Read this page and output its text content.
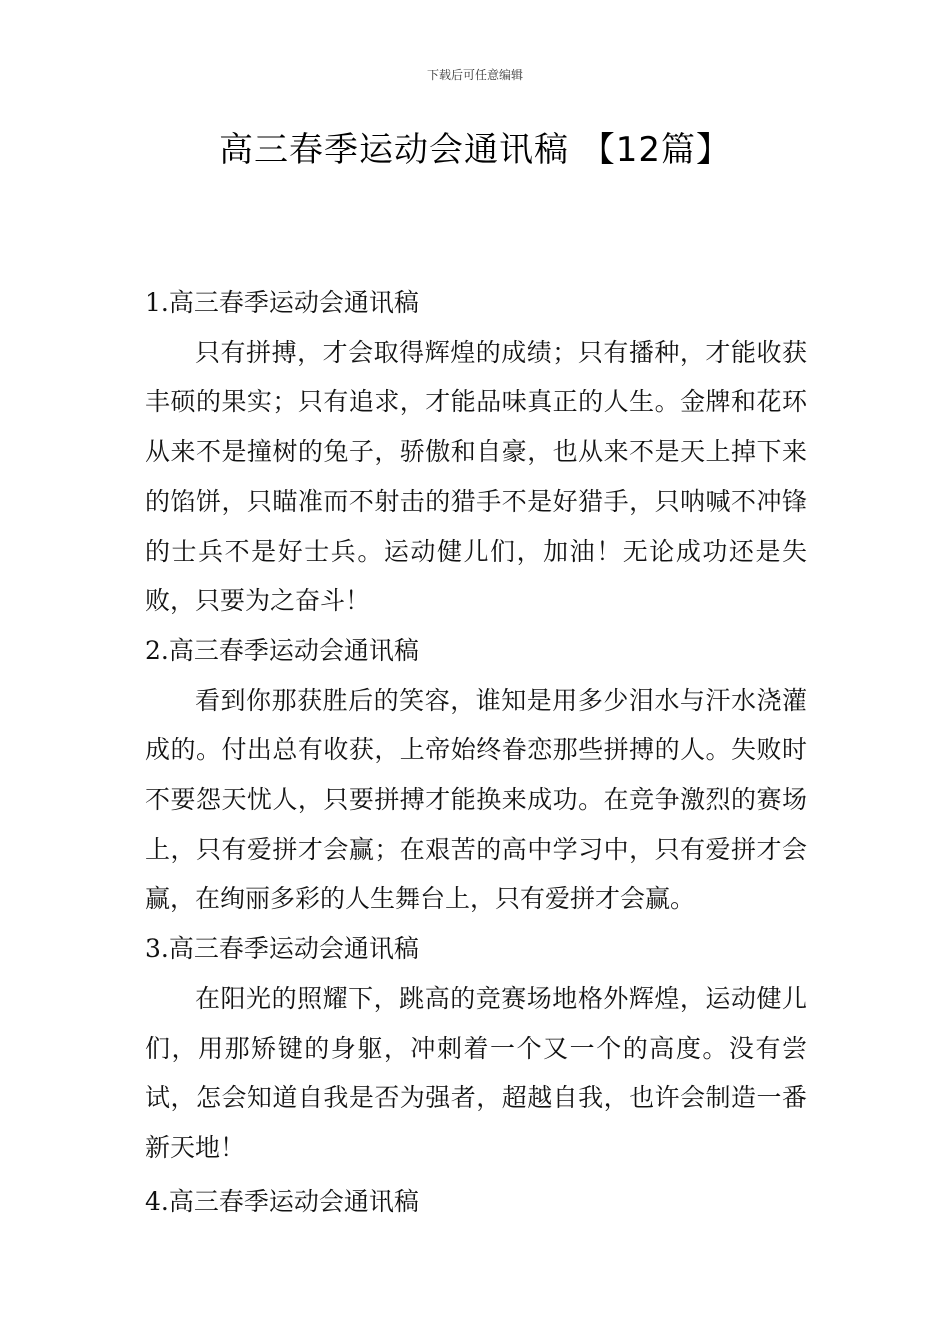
下载后可任意编辑
高三春季运动会通讯稿 【12篇】
1.高三春季运动会通讯稿

只有拼搏，才会取得辉煌的成绩；只有播种，才能收获丰硕的果实；只有追求，才能品味真正的人生。金牌和花环从来不是撞树的兔子，骄傲和自豪，也从来不是天上掉下来的馅饼，只瞄准而不射击的猎手不是好猎手，只呐喊不冲锋的士兵不是好士兵。运动健儿们，加油！无论成功还是失败，只要为之奋斗！

2.高三春季运动会通讯稿

看到你那获胜后的笑容，谁知是用多少泪水与汗水浇灌成的。付出总有收获，上帝始终眷恋那些拼搏的人。失败时不要怨天忧人，只要拼搏才能换来成功。在竞争激烈的赛场上，只有爱拼才会赢；在艰苦的高中学习中，只有爱拼才会赢，在绚丽多彩的人生舞台上，只有爱拼才会赢。

3.高三春季运动会通讯稿

在阳光的照耀下，跳高的竞赛场地格外辉煌，运动健儿们，用那矫键的身躯，冲刺着一个又一个的高度。没有尝试，怎会知道自我是否为强者，超越自我，也许会制造一番新天地！

4.高三春季运动会通讯稿
